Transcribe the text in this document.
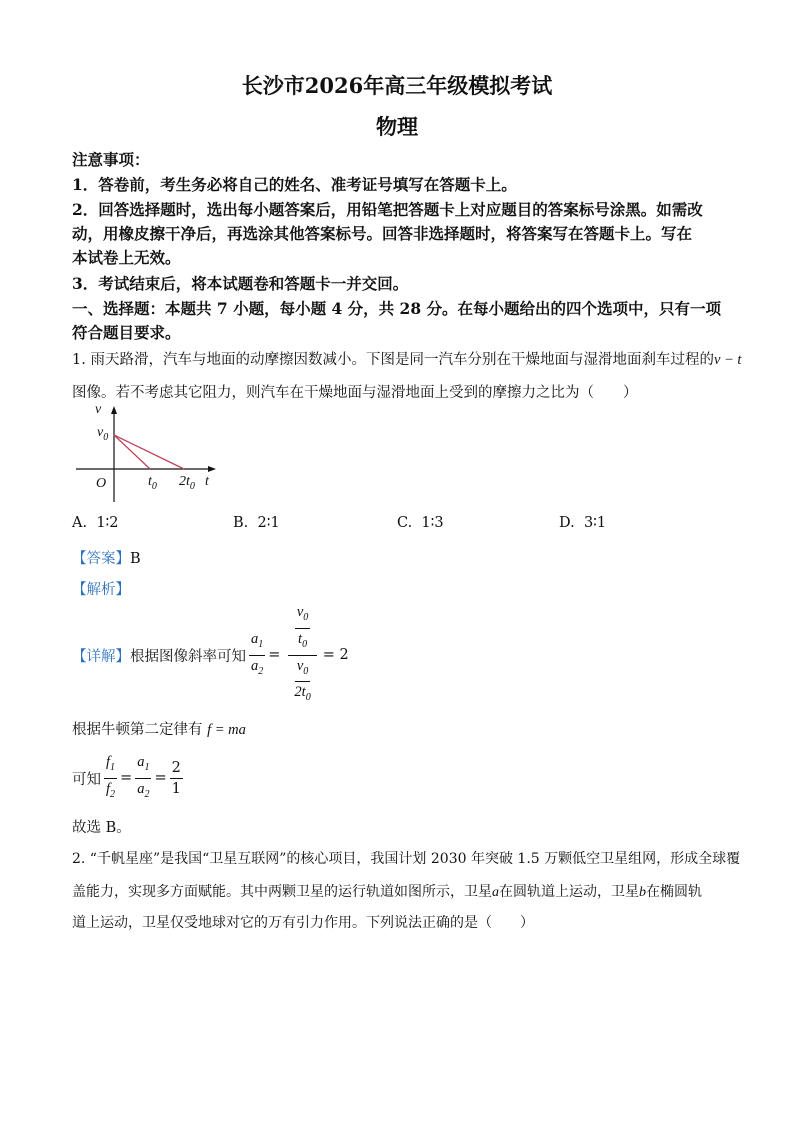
长沙市2026年高三年级模拟考试
物理
注意事项：
1．答卷前，考生务必将自己的姓名、准考证号填写在答题卡上。
2．回答选择题时，选出每小题答案后，用铅笔把答题卡上对应题目的答案标号涂黑。如需改
动，用橡皮擦干净后，再选涂其他答案标号。回答非选择题时，将答案写在答题卡上。写在
本试卷上无效。
3．考试结束后，将本试题卷和答题卡一并交回。
一、选择题：本题共 7 小题，每小题 4 分，共 28 分。在每小题给出的四个选项中，只有一项
符合题目要求。
1. 雨天路滑，汽车与地面的动摩擦因数减小。下图是同一汽车分别在干燥地面与湿滑地面刹车过程的v − t
图像。若不考虑其它阻力，则汽车在干燥地面与湿滑地面上受到的摩擦力之比为（　　）
v
$v_0$
O	$t_0$ $2t_0$ t
A. 1∶2	B. 2∶1	C. 1∶3	D. 3∶1
【答案】B
【解析】
【详解】 根据图像斜率可知 $\frac{a_1}{a_2} = \frac{\frac{v_0}{t_0}}{\frac{v_0}{2t_0}} = 2$
根据牛顿第二定律有 f = ma
可知 $\frac{f_1}{f_2} = \frac{a_1}{a_2} = \frac{2}{1}$
故选 B。
2. “千帆星座”是我国“卫星互联网”的核心项目，我国计划 2030 年突破 1.5 万颗低空卫星组网，形成全球覆
盖能力，实现多方面赋能。其中两颗卫星的运行轨道如图所示，卫星a在圆轨道上运动，卫星b在椭圆轨
道上运动，卫星仅受地球对它的万有引力作用。下列说法正确的是（　　）
